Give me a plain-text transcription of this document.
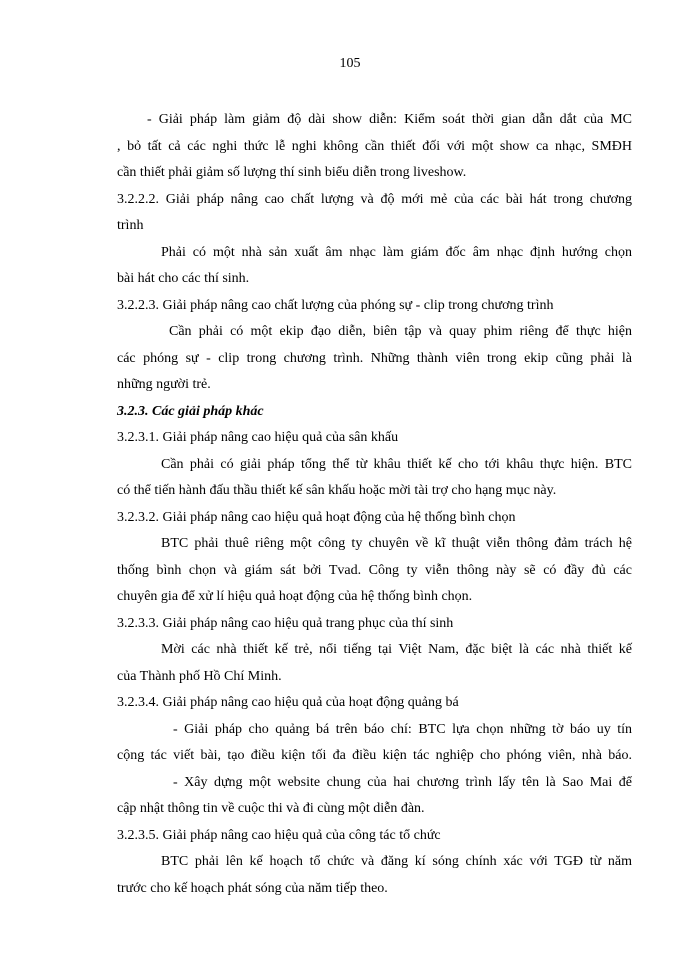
105
- Giải pháp làm giảm độ dài show diễn: Kiểm soát thời gian dẫn dắt của MC
, bỏ tất cả các nghi thức lễ nghi không cần thiết đối với một show ca nhạc, SMĐH
cần thiết phải giảm số lượng thí sinh biểu diễn trong liveshow.
3.2.2.2. Giải pháp nâng cao chất lượng và độ mới mẻ của các bài hát trong chương
trình
Phải có một nhà sản xuất âm nhạc làm giám đốc âm nhạc định hướng chọn
bài hát cho các thí sinh.
3.2.2.3. Giải pháp nâng cao chất lượng của phóng sự - clip trong chương trình
Cần phải có một ekip đạo diễn, biên tập và quay phim riêng để thực hiện
các phóng sự - clip trong chương trình. Những thành viên trong ekip cũng phải là
những người trẻ.
3.2.3. Các giải pháp khác
3.2.3.1. Giải pháp nâng cao hiệu quả của sân khấu
Cần phải có giải pháp tổng thể từ khâu thiết kế cho tới khâu thực hiện. BTC
có thể tiến hành đấu thầu thiết kế sân khấu hoặc mời tài trợ cho hạng mục này.
3.2.3.2. Giải pháp nâng cao hiệu quả hoạt động của hệ thống bình chọn
BTC phải thuê riêng một công ty chuyên về kĩ thuật viễn thông đảm trách hệ
thống bình chọn và giám sát bởi Tvad. Công ty viễn thông này sẽ có đầy đủ các
chuyên gia để xử lí hiệu quả hoạt động của hệ thống bình chọn.
3.2.3.3. Giải pháp nâng cao hiệu quả trang phục của thí sinh
Mời các nhà thiết kế trẻ, nổi tiếng tại Việt Nam, đặc biệt là các nhà thiết kế
của Thành phố Hồ Chí Minh.
3.2.3.4. Giải pháp nâng cao hiệu quả của hoạt động quảng bá
- Giải pháp cho quảng bá trên báo chí: BTC lựa chọn những tờ báo uy tín
cộng tác viết bài, tạo điều kiện tối đa điều kiện tác nghiệp cho phóng viên, nhà báo.
- Xây dựng một website chung của hai chương trình lấy tên là Sao Mai để
cập nhật thông tin về cuộc thi và đi cùng một diễn đàn.
3.2.3.5. Giải pháp nâng cao hiệu quả của công tác tổ chức
BTC phải lên kế hoạch tổ chức và đăng kí sóng chính xác với TGĐ từ năm
trước cho kế hoạch phát sóng của năm tiếp theo.
